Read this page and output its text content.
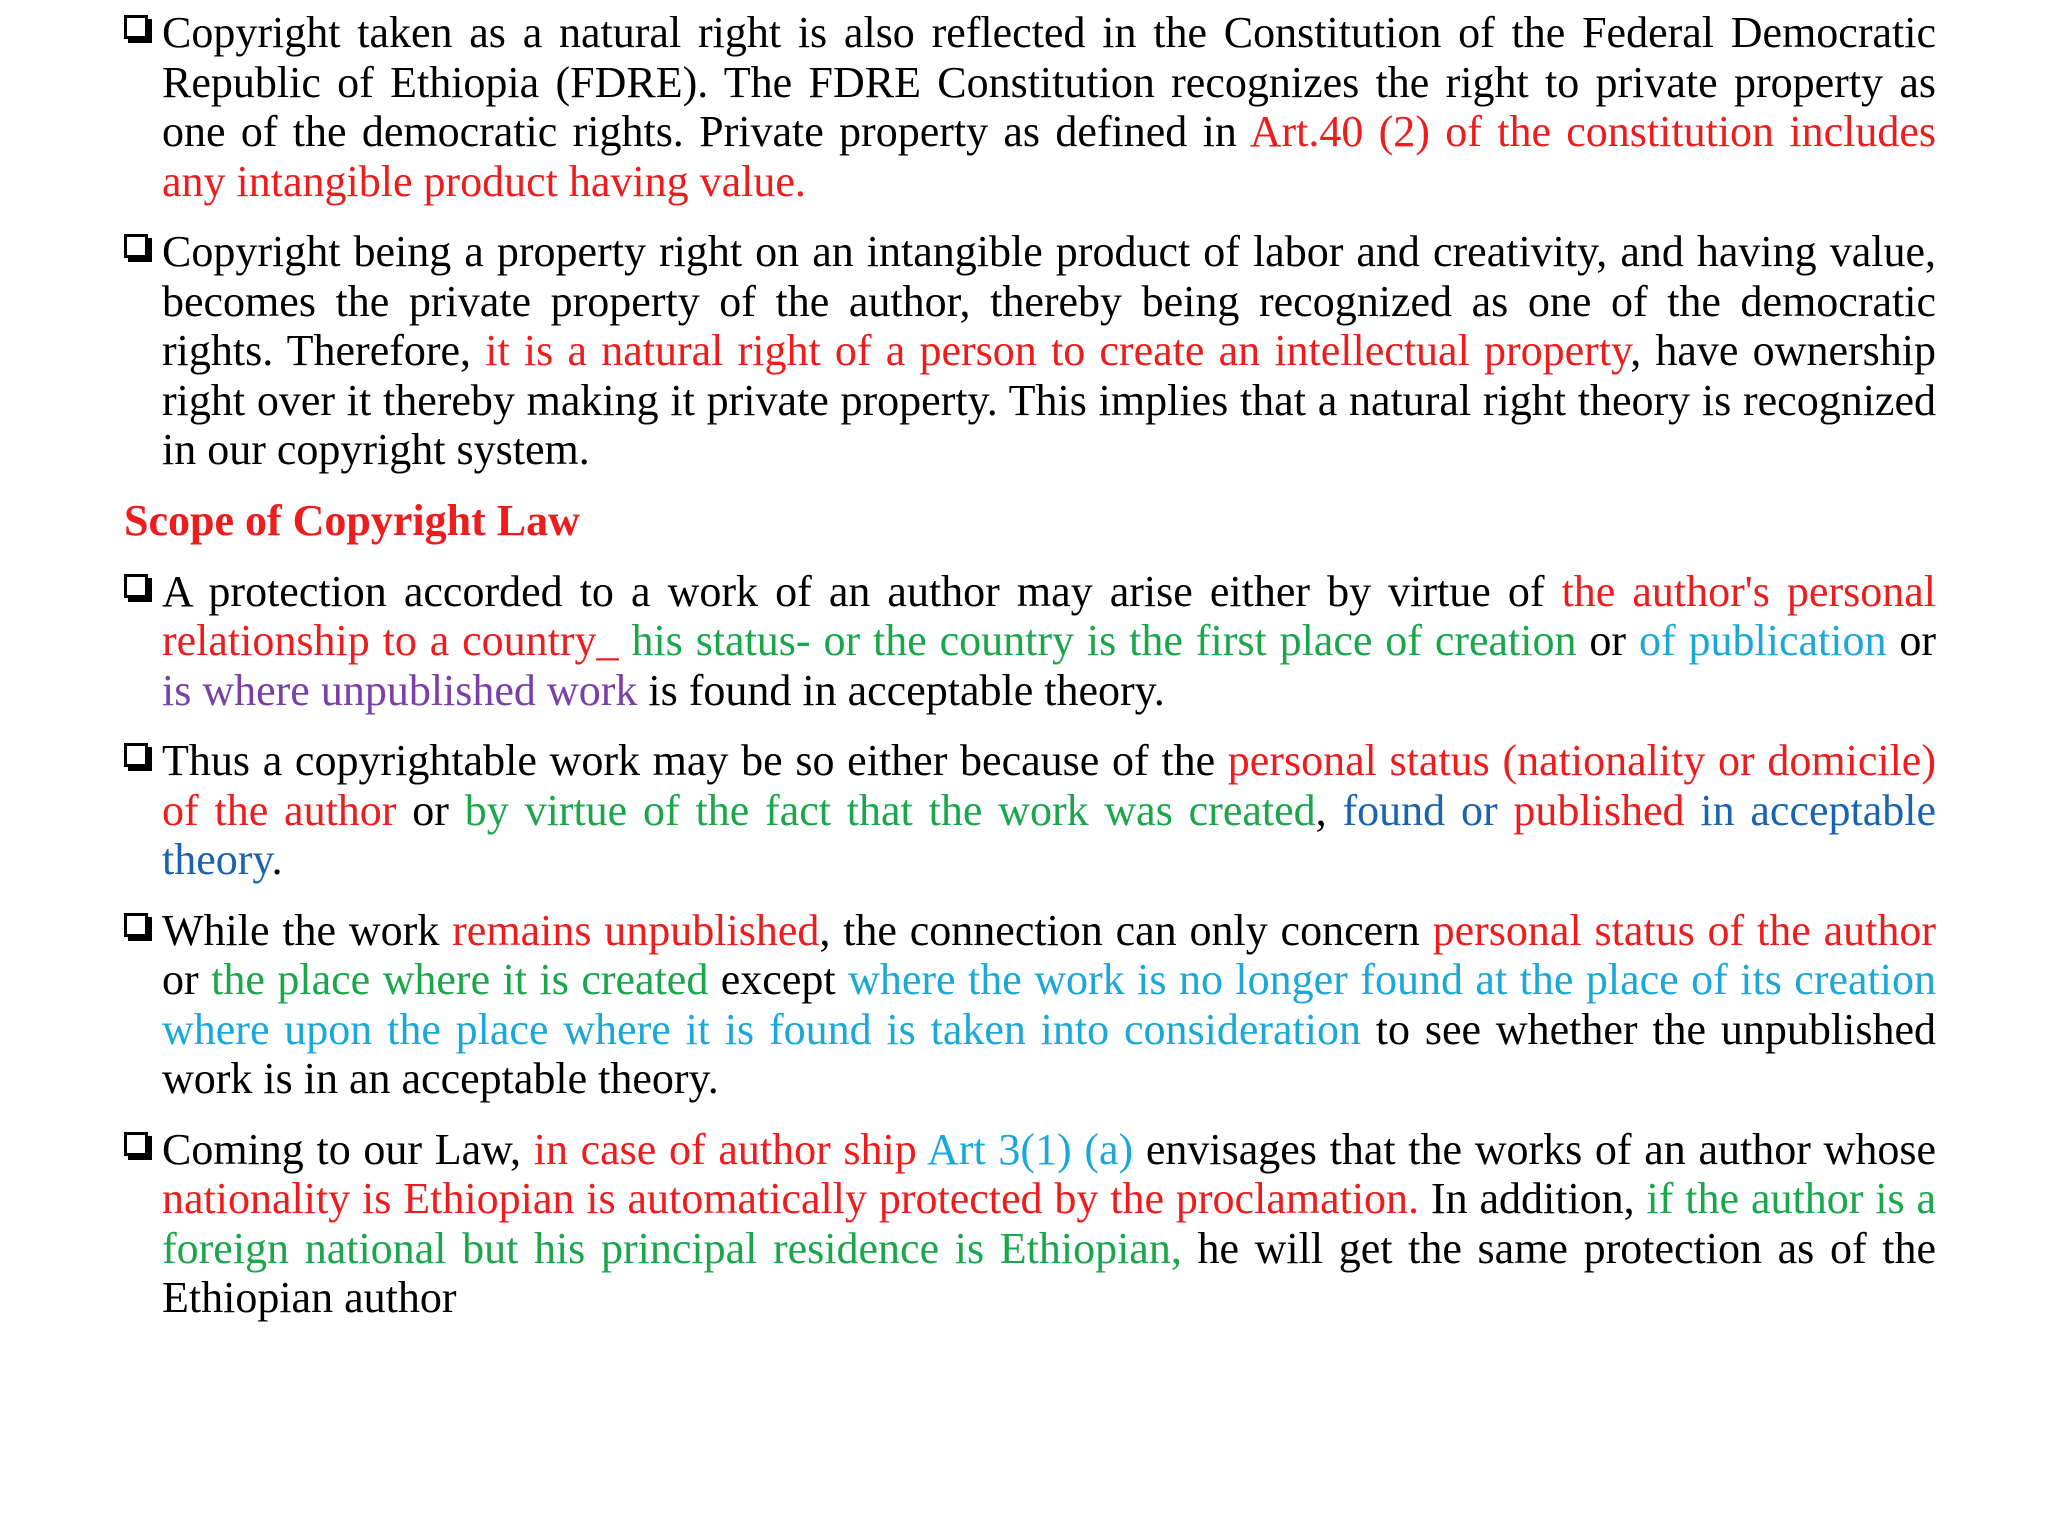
Copyright taken as a natural right is also reflected in the Constitution of the Federal Democratic Republic of Ethiopia (FDRE). The FDRE Constitution recognizes the right to private property as one of the democratic rights. Private property as defined in Art.40 (2) of the constitution includes any intangible product having value.
Copyright being a property right on an intangible product of labor and creativity, and having value, becomes the private property of the author, thereby being recognized as one of the democratic rights. Therefore, it is a natural right of a person to create an intellectual property, have ownership right over it thereby making it private property. This implies that a natural right theory is recognized in our copyright system.
Scope of Copyright Law
A protection accorded to a work of an author may arise either by virtue of the author's personal relationship to a country_ his status- or the country is the first place of creation or of publication or is where unpublished work is found in acceptable theory.
Thus a copyrightable work may be so either because of the personal status (nationality or domicile) of the author or by virtue of the fact that the work was created, found or published in acceptable theory.
While the work remains unpublished, the connection can only concern personal status of the author or the place where it is created except where the work is no longer found at the place of its creation where upon the place where it is found is taken into consideration to see whether the unpublished work is in an acceptable theory.
Coming to our Law, in case of author ship Art 3(1) (a) envisages that the works of an author whose nationality is Ethiopian is automatically protected by the proclamation. In addition, if the author is a foreign national but his principal residence is Ethiopian, he will get the same protection as of the Ethiopian author
